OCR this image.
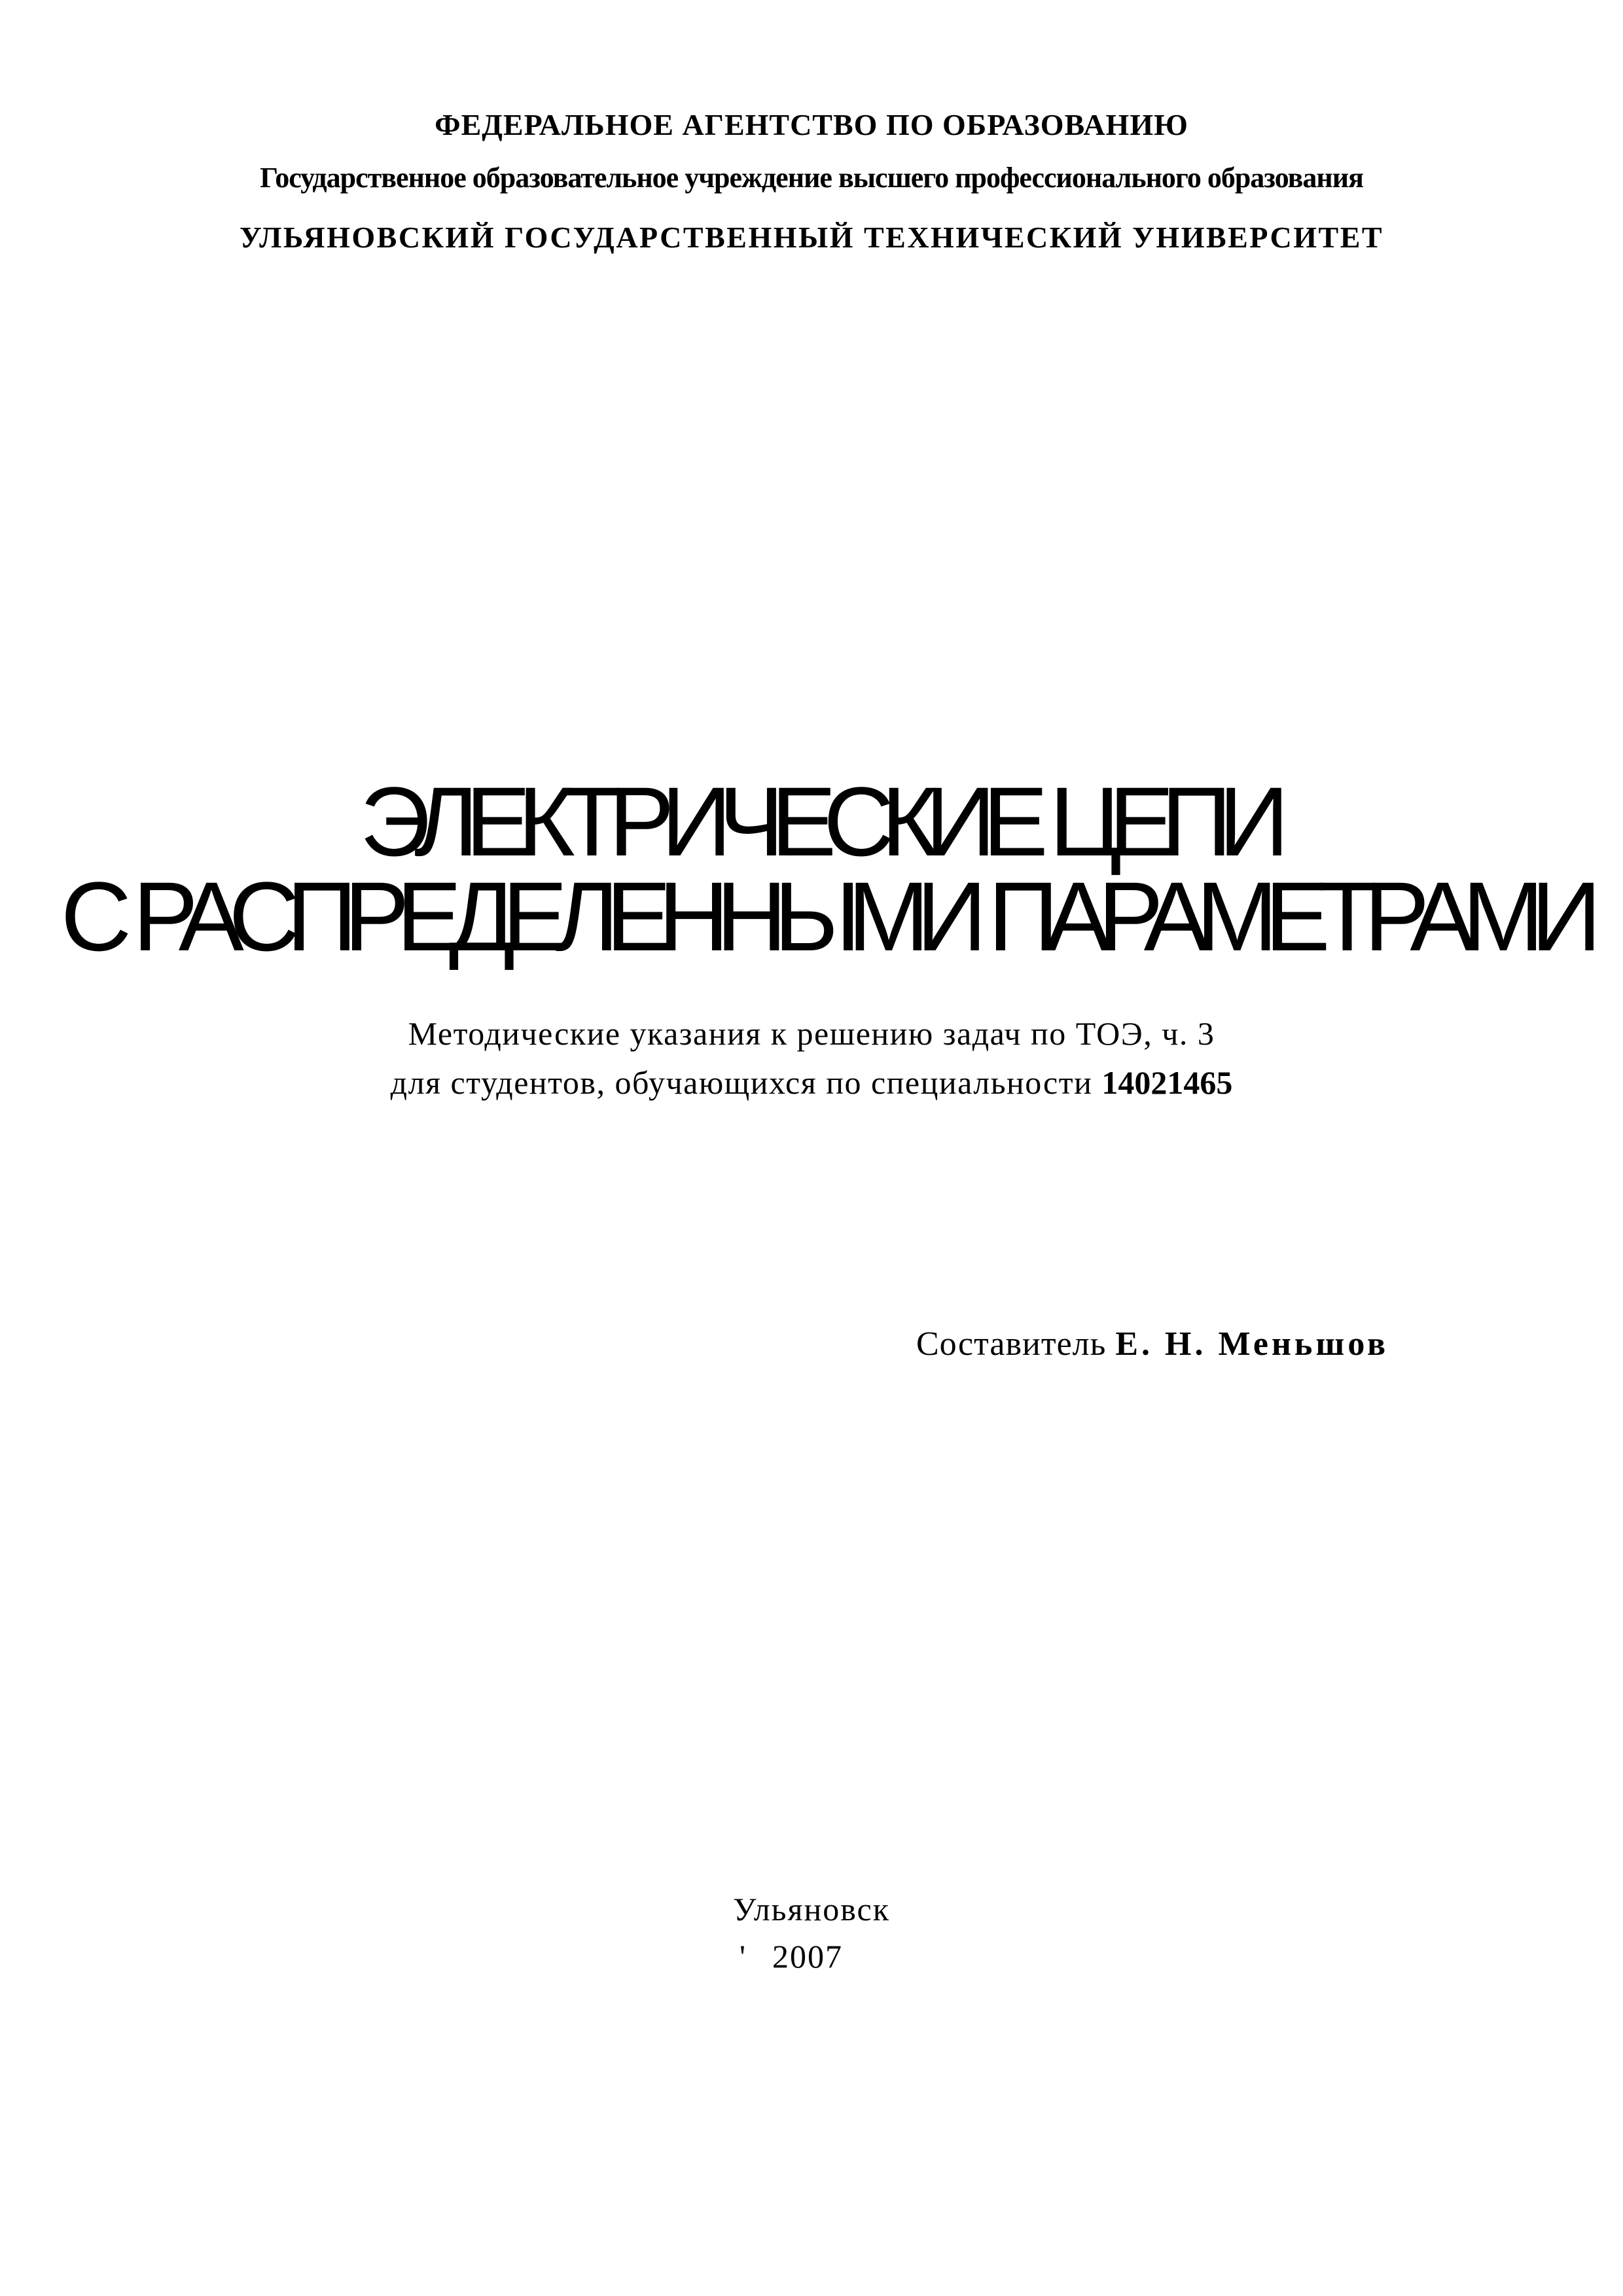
ФЕДЕРАЛЬНОЕ АГЕНТСТВО ПО ОБРАЗОВАНИЮ
Государственное образовательное учреждение высшего профессионального образования
УЛЬЯНОВСКИЙ ГОСУДАРСТВЕННЫЙ ТЕХНИЧЕСКИЙ УНИВЕРСИТЕТ
ЭЛЕКТРИЧЕСКИЕ ЦЕПИ
С РАСПРЕДЕЛЕННЫМИ ПАРАМЕТРАМИ
Методические указания к решению задач по ТОЭ, ч. 3
для студентов, обучающихся по специальности 14021465
Составитель Е. Н. Меньшов
Ульяновск
' 2007
